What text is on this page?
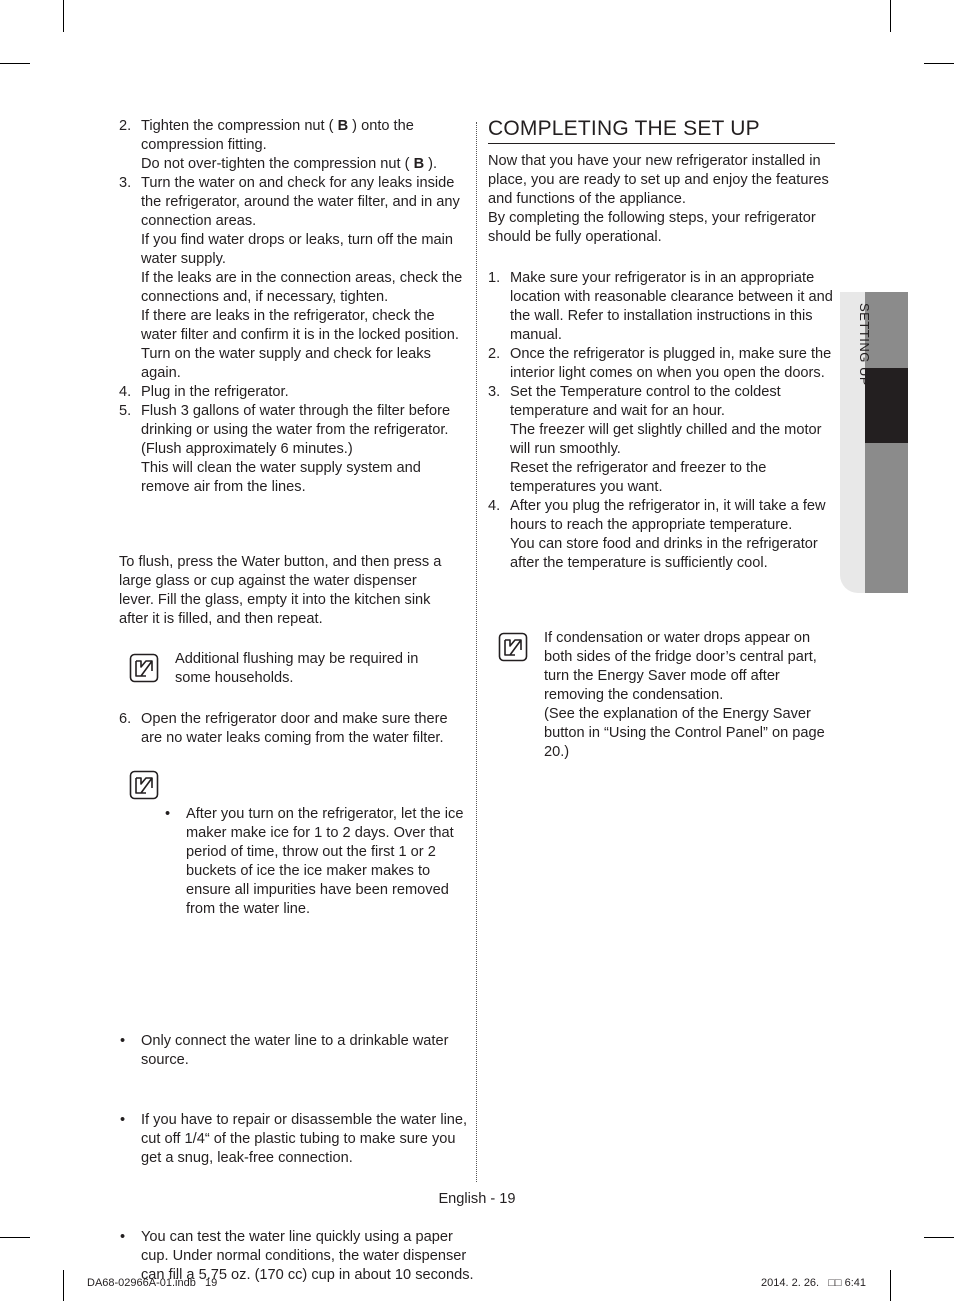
SETTING UP
2. Tighten the compression nut ( B ) onto the compression fitting.
Do not over-tighten the compression nut ( B ).
3. Turn the water on and check for any leaks inside the refrigerator, around the water filter, and in any connection areas.
If you find water drops or leaks, turn off the main water supply.
If the leaks are in the connection areas, check the connections and, if necessary, tighten.
If there are leaks in the refrigerator, check the water filter and confirm it is in the locked position.
Turn on the water supply and check for leaks again.
4. Plug in the refrigerator.
5. Flush 3 gallons of water through the filter before drinking or using the water from the refrigerator. (Flush approximately 6 minutes.)
This will clean the water supply system and remove air from the lines.
To flush, press the Water button, and then press a large glass or cup against the water dispenser lever. Fill the glass, empty it into the kitchen sink after it is filled, and then repeat.
Additional flushing may be required in some households.
6. Open the refrigerator door and make sure there are no water leaks coming from the water filter.
• After you turn on the refrigerator, let the ice maker make ice for 1 to 2 days. Over that period of time, throw out the first 1 or 2 buckets of ice the ice maker makes to ensure all impurities have been removed from the water line.
• Only connect the water line to a drinkable water source.
• If you have to repair or disassemble the water line, cut off 1/4“ of the plastic tubing to make sure you get a snug, leak-free connection.
• You can test the water line quickly using a paper cup. Under normal conditions, the water dispenser can fill a 5.75 oz. (170 cc) cup in about 10 seconds.
COMPLETING THE SET UP
Now that you have your new refrigerator installed in place, you are ready to set up and enjoy the features and functions of the appliance.
By completing the following steps, your refrigerator should be fully operational.
1. Make sure your refrigerator is in an appropriate location with reasonable clearance between it and the wall. Refer to installation instructions in this manual.
2. Once the refrigerator is plugged in, make sure the interior light comes on when you open the doors.
3. Set the Temperature control to the coldest temperature and wait for an hour.
The freezer will get slightly chilled and the motor will run smoothly.
Reset the refrigerator and freezer to the temperatures you want.
4. After you plug the refrigerator in, it will take a few hours to reach the appropriate temperature.
You can store food and drinks in the refrigerator after the temperature is sufficiently cool.
If condensation or water drops appear on both sides of the fridge door’s central part, turn the Energy Saver mode off after removing the condensation.
(See the explanation of the Energy Saver button in “Using the Control Panel” on page 20.)
English - 19
DA68-02966A-01.indb   19	2014. 2. 26.   □□ 6:41
